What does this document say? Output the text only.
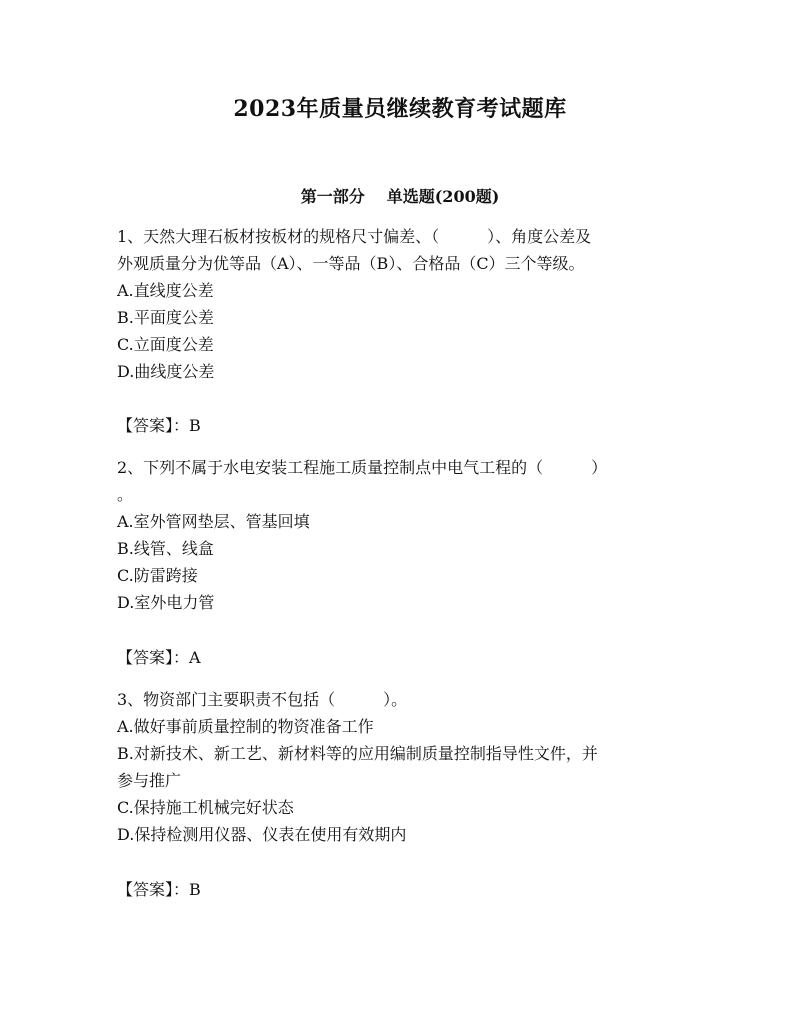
2023年质量员继续教育考试题库
第一部分 单选题(200题)

1、天然大理石板材按板材的规格尺寸偏差、（　　　）、角度公差及

外观质量分为优等品（A）、一等品（B）、合格品（C）三个等级。

A.直线度公差

B.平面度公差

C.立面度公差

D.曲线度公差

【答案】：B

2、下列不属于水电安装工程施工质量控制点中电气工程的（　　　）

。

A.室外管网垫层、管基回填

B.线管、线盒

C.防雷跨接

D.室外电力管

【答案】：A

3、物资部门主要职责不包括（　　　）。

A.做好事前质量控制的物资准备工作

B.对新技术、新工艺、新材料等的应用编制质量控制指导性文件，并

参与推广

C.保持施工机械完好状态

D.保持检测用仪器、仪表在使用有效期内

【答案】：B
